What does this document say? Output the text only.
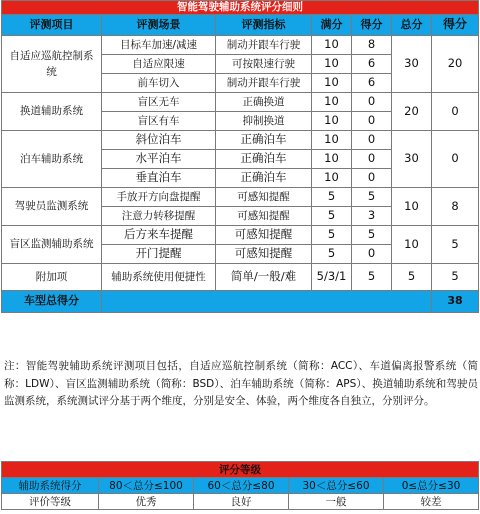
智能驾驶辅助系统评分细则						
评测项目	评测场景	评测指标	满分	得分	总分	得分
自适应巡航控制系统	目标车加速/减速	制动并跟车行驶	10	8	30	20
	自适应限速	可按限速行驶	10	6		
	前车切入	制动并跟车行驶	10	6		
换道辅助系统	盲区无车	正确换道	10	0	20	0
	盲区有车	抑制换道	10	0		
泊车辅助系统	斜位泊车	正确泊车	10	0	30	0
	水平泊车	正确泊车	10	0		
	垂直泊车	正确泊车	10	0		
驾驶员监测系统	手放开方向盘提醒	可感知提醒	5	5	10	8
	注意力转移提醒	可感知提醒	5	3		
盲区监测辅助系统	后方来车提醒	可感知提醒	5	5	10	5
	开门提醒	可感知提醒	5	0		
附加项	辅助系统使用便捷性	简单/一般/难	5/3/1	5	5	5
车型总得分						38
注：智能驾驶辅助系统评测项目包括，自适应巡航控制系统（简称：ACC）、车道偏离报警系统（简称：LDW）、盲区监测辅助系统（简称：BSD）、泊车辅助系统（简称：APS）、换道辅助系统和驾驶员监测系统，系统测试评分基于两个维度，分别是安全、体验，两个维度各自独立，分别评分。
评分等级				
辅助系统得分	80＜总分≤100	60＜总分≤80	30＜总分≤60	0≤总分≤30
评价等级	优秀	良好	一般	较差
